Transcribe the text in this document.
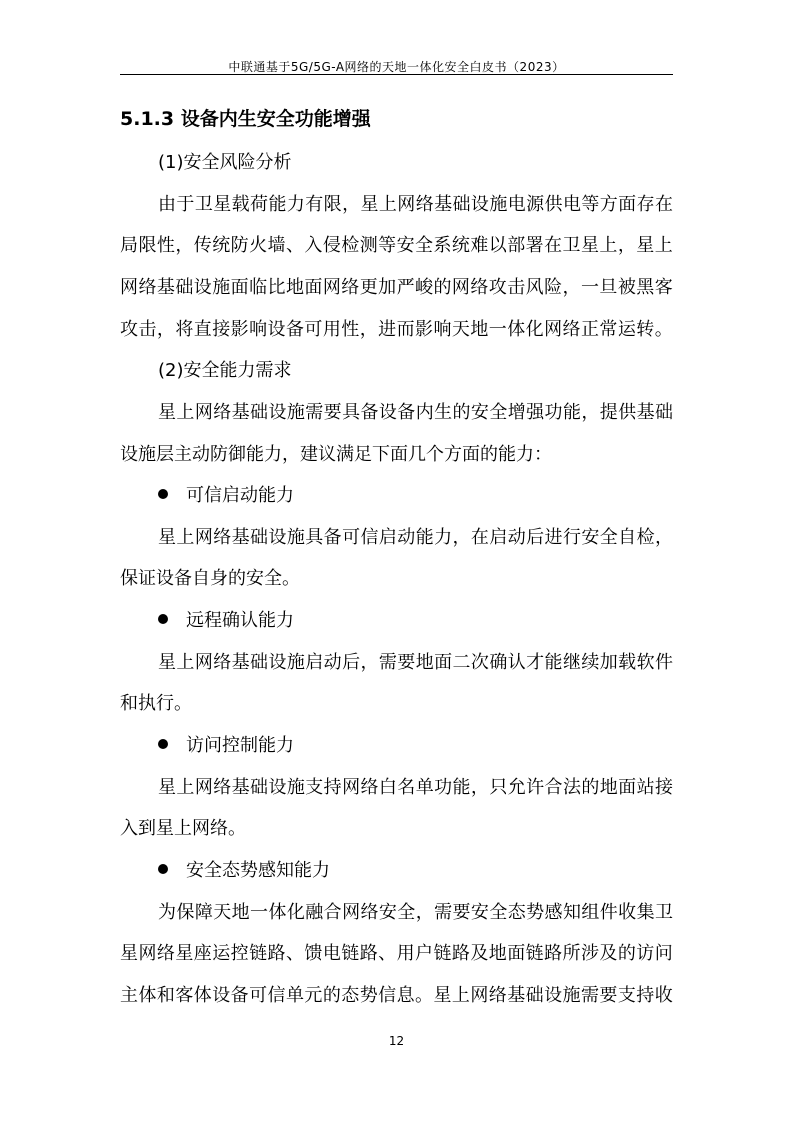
中联通基于5G/5G-A网络的天地一体化安全白皮书（2023）
5.1.3 设备内生安全功能增强
(1)安全风险分析
由 于 卫 星 载 荷 能 力 有 限 ， 星 上 网 络 基 础 设 施 电 源 供 电 等 方 面 存 在
局 限 性 ， 传 统 防 火 墙 、 入 侵 检 测 等 安 全 系 统 难 以 部 署 在 卫 星 上 ， 星 上
网 络 基 础 设 施 面 临 比 地 面 网 络 更 加 严 峻 的 网 络 攻 击 风 险 ， 一 旦 被 黑 客
攻 击 ， 将 直 接 影 响 设 备 可 用 性 ， 进 而 影 响 天 地 一 体 化 网 络 正 常 运 转 。
(2)安全能力需求
星 上 网 络 基 础 设 施 需 要 具 备 设 备 内 生 的 安 全 增 强 功 能 ， 提 供 基 础
设施层主动防御能力，建议满足下面几个方面的能力：
可信启动能力
星 上 网 络 基 础 设 施 具 备 可 信 启 动 能 力 ， 在 启 动 后 进 行 安 全 自 检 ，
保证设备自身的安全。
远程确认能力
星 上 网 络 基 础 设 施 启 动 后 ， 需 要 地 面 二 次 确 认 才 能 继 续 加 载 软 件
和执行。
访问控制能力
星 上 网 络 基 础 设 施 支 持 网 络 白 名 单 功 能 ， 只 允 许 合 法 的 地 面 站 接
入到星上网络。
安全态势感知能力
为 保 障 天 地 一 体 化 融 合 网 络 安 全 ， 需 要 安 全 态 势 感 知 组 件 收 集 卫
星 网 络 星 座 运 控 链 路 、 馈 电 链 路 、 用 户 链 路 及 地 面 链 路 所 涉 及 的 访 问
主 体 和 客 体 设 备 可 信 单 元 的 态 势 信 息 。 星 上 网 络 基 础 设 施 需 要 支 持 收
12
